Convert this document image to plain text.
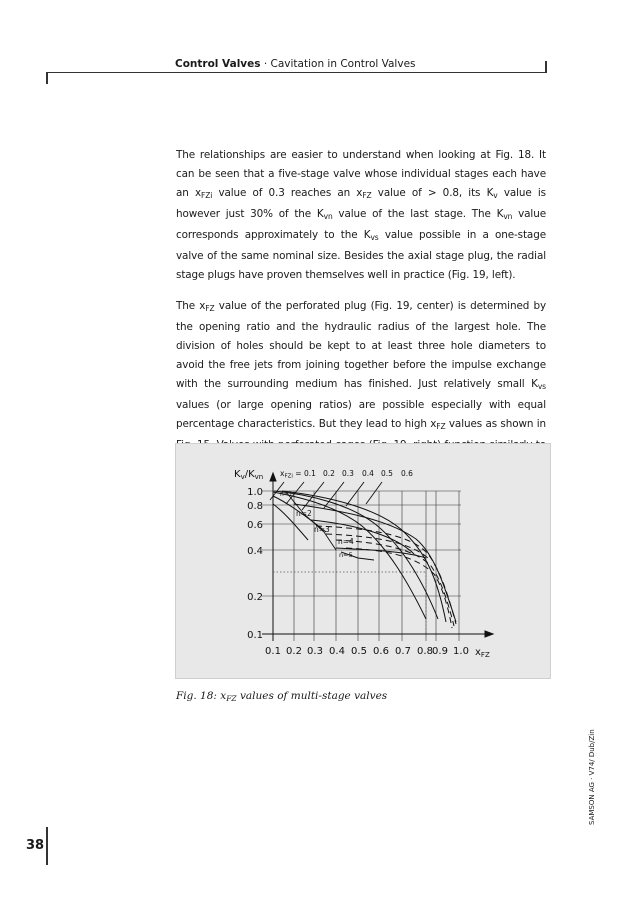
Control Valves · Cavitation in Control Valves

The relationships are easier to understand when looking at Fig. 18. It can be seen that a five-stage valve whose individual stages each have an $x_{FZi}$ value of 0.3 reaches an $x_{FZ}$ value of > 0.8, its $K_v$ value is however just 30% of the $K_{vn}$ value of the last stage. The $K_{vn}$ value corresponds approximately to the $K_{vs}$ value possible in a one-stage valve of the same nominal size. Besides the axial stage plug, the radial stage plugs have proven themselves well in practice (Fig. 19, left).

The $x_{FZ}$ value of the perforated plug (Fig. 19, center) is determined by the opening ratio and the hydraulic radius of the largest hole. The division of holes should be kept to at least three hole diameters to avoid the free jets from joining together before the impulse exchange with the surrounding medium has finished. Just relatively small $K_{vs}$ values (or large opening ratios) are possible especially with equal percentage characteristics. But they lead to high $x_{FZ}$ values as shown in

1.0
0.8
0.6
0.4
0.2
0.1
$K_v/K_{vn}$
0.1 0.2 0.3 0.4 0.5 0.6 0.7 0.8 0.9 1.0 $x_{FZ}$
$x_{FZi} = 0.1$ 0.2 0.3 0.4 0.5 0.6
n=1
n=2
n=3
n=4
n=5
Fig. 18: $x_{FZ}$ values of multi-stage valves
SAMSON AG · V74/ Dub/Zin
38
